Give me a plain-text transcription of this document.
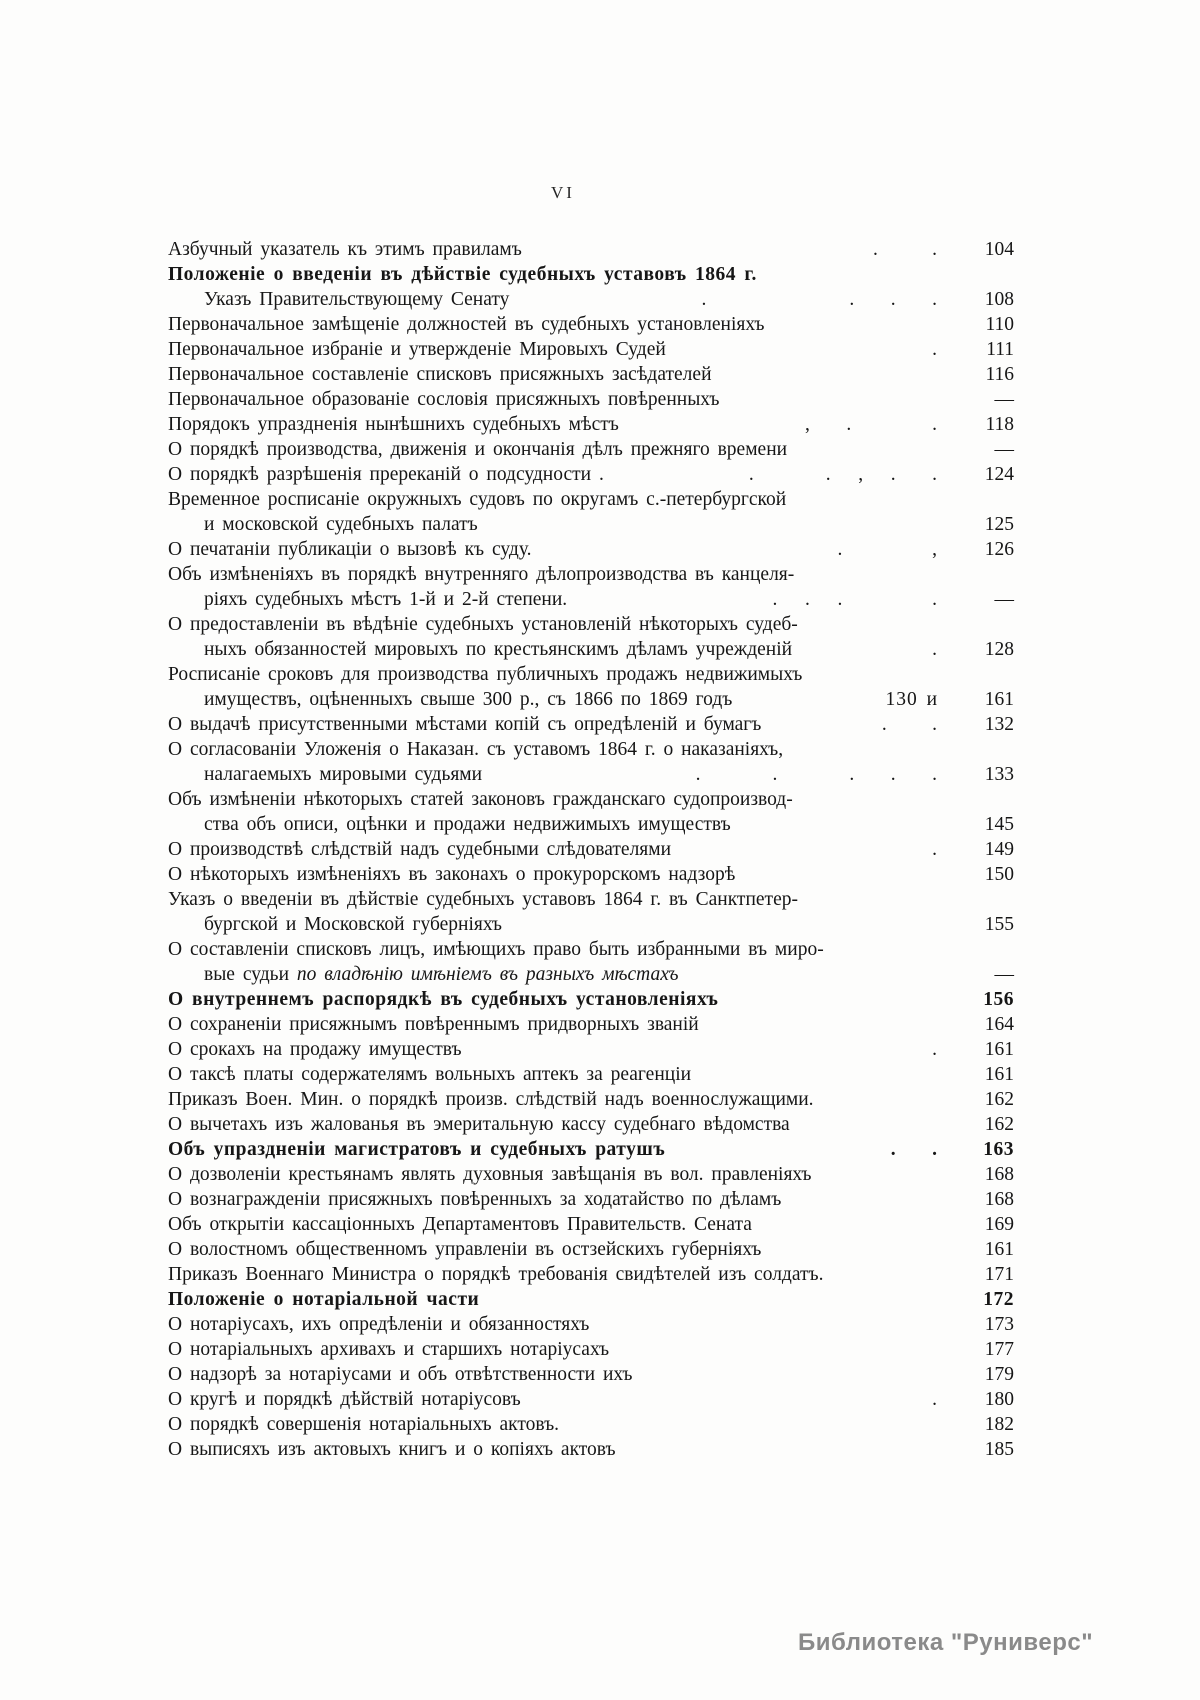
VI
Азбучный указатель къ этимъ правиламъ	.      .	104
Положеніе о введеніи въ дѣйствіе судебныхъ уставовъ 1864 г.
Указъ Правительствующему Сенату	.                .    .    .	108
Первоначальное замѣщеніе должностей въ судебныхъ установленіяхъ	110
Первоначальное избраніе и утвержденіе Мировыхъ Судей	.	111
Первоначальное составленіе списковъ присяжныхъ засѣдателей	116
Первоначальное образованіе сословія присяжныхъ повѣренныхъ	—
Порядокъ упраздненія нынѣшнихъ судебныхъ мѣстъ	,    .         .	118
О порядкѣ производства, движенія и окончанія дѣлъ прежняго времени	—
О порядкѣ разрѣшенія пререканій о подсудности .	.        .   ,   .    .	124
Временное росписаніе окружныхъ судовъ по округамъ с.-петербургской
и московской судебныхъ палатъ	125
О печатаніи публикаціи о вызовѣ къ суду.	.          ,	126
Объ измѣненіяхъ въ порядкѣ внутренняго дѣлопроизводства въ канцеля-
ріяхъ судебныхъ мѣстъ 1-й и 2-й степени.	.   .   .          .	—
О предоставленіи въ вѣдѣніе судебныхъ установленій нѣкоторыхъ судеб-
ныхъ обязанностей мировыхъ по крестьянскимъ дѣламъ учрежденій	.	128
Росписаніе сроковъ для производства публичныхъ продажъ недвижимыхъ
имуществъ, оцѣненныхъ свыше 300 р., съ 1866 по 1869 годъ	130 и	161
О выдачѣ присутственными мѣстами копій съ опредѣленій и бумагъ	.     .	132
О согласованіи Уложенія о Наказан. съ уставомъ 1864 г. о наказаніяхъ,
налагаемыхъ мировыми судьями	.        .        .    .    .	133
Объ измѣненіи нѣкоторыхъ статей законовъ гражданскаго судопроизвод-
ства объ описи, оцѣнки и продажи недвижимыхъ имуществъ	145
О производствѣ слѣдствій надъ судебными слѣдователями	.	149
О нѣкоторыхъ измѣненіяхъ въ законахъ о прокурорскомъ надзорѣ	150
Указъ о введеніи въ дѣйствіе судебныхъ уставовъ 1864 г. въ Санктпетер-
бургской и Московской губерніяхъ	155
О составленіи списковъ лицъ, имѣющихъ право быть избранными въ миро-
вые судьи по владѣнію имѣніемъ въ разныхъ мѣстахъ	—
О внутреннемъ распорядкѣ въ судебныхъ установленіяхъ	156
О сохраненіи присяжнымъ повѣреннымъ придворныхъ званій	164
О срокахъ на продажу имуществъ	.	161
О таксѣ платы содержателямъ вольныхъ аптекъ за реагенціи	161
Приказъ Воен. Мин. о порядкѣ произв. слѣдствій надъ военнослужащими.	162
О вычетахъ изъ жалованья въ эмеритальную кассу судебнаго вѣдомства	162
Объ упраздненіи магистратовъ и судебныхъ ратушъ	.    .	163
О дозволеніи крестьянамъ являть духовныя завѣщанія въ вол. правленіяхъ	168
О вознагражденіи присяжныхъ повѣренныхъ за ходатайство по дѣламъ	168
Объ открытіи кассаціонныхъ Департаментовъ Правительств. Сената	169
О волостномъ общественномъ управленіи въ остзейскихъ губерніяхъ	161
Приказъ Военнаго Министра о порядкѣ требованія свидѣтелей изъ солдатъ.	171
Положеніе о нотаріальной части	172
О нотаріусахъ, ихъ опредѣленіи и обязанностяхъ	173
О нотаріальныхъ архивахъ и старшихъ нотаріусахъ	177
О надзорѣ за нотаріусами и объ отвѣтственности ихъ	179
О кругѣ и порядкѣ дѣйствій нотаріусовъ	.	180
О порядкѣ совершенія нотаріальныхъ актовъ.	182
О выписяхъ изъ актовыхъ книгъ и о копіяхъ актовъ	185
Библиотека "Руниверс"
